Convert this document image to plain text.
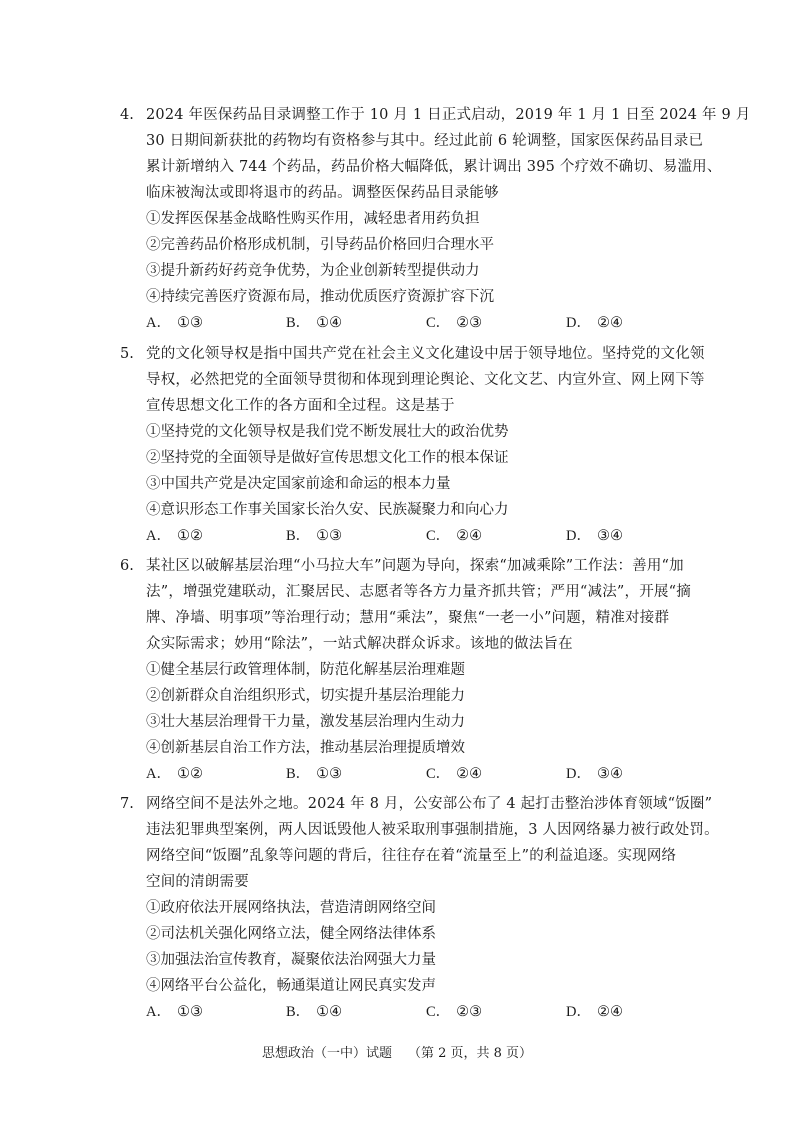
4. 2024 年医保药品目录调整工作于 10 月 1 日正式启动，2019 年 1 月 1 日至 2024 年 9 月
30 日期间新获批的药物均有资格参与其中。经过此前 6 轮调整，国家医保药品目录已
累计新增纳入 744 个药品，药品价格大幅降低，累计调出 395 个疗效不确切、易滥用、
临床被淘汰或即将退市的药品。调整医保药品目录能够
①发挥医保基金战略性购买作用，减轻患者用药负担
②完善药品价格形成机制，引导药品价格回归合理水平
③提升新药好药竞争优势，为企业创新转型提供动力
④持续完善医疗资源布局，推动优质医疗资源扩容下沉
A． ①③	B． ①④	C． ②③	D． ②④
5. 党的文化领导权是指中国共产党在社会主义文化建设中居于领导地位。坚持党的文化领
导权，必然把党的全面领导贯彻和体现到理论舆论、文化文艺、内宣外宣、网上网下等
宣传思想文化工作的各方面和全过程。这是基于
①坚持党的文化领导权是我们党不断发展壮大的政治优势
②坚持党的全面领导是做好宣传思想文化工作的根本保证
③中国共产党是决定国家前途和命运的根本力量
④意识形态工作事关国家长治久安、民族凝聚力和向心力
A． ①②	B． ①③	C． ②④	D． ③④
6. 某社区以破解基层治理“小马拉大车”问题为导向，探索“加减乘除”工作法：善用“加
法”，增强党建联动，汇聚居民、志愿者等各方力量齐抓共管；严用“减法”，开展“摘
牌、净墙、明事项”等治理行动；慧用“乘法”，聚焦“一老一小”问题，精准对接群
众实际需求；妙用“除法”，一站式解决群众诉求。该地的做法旨在
①健全基层行政管理体制，防范化解基层治理难题
②创新群众自治组织形式，切实提升基层治理能力
③壮大基层治理骨干力量，激发基层治理内生动力
④创新基层自治工作方法，推动基层治理提质增效
A． ①②	B． ①③	C． ②④	D． ③④
7. 网络空间不是法外之地。2024 年 8 月，公安部公布了 4 起打击整治涉体育领域“饭圈”
违法犯罪典型案例，两人因诋毁他人被采取刑事强制措施，3 人因网络暴力被行政处罚。
网络空间“饭圈”乱象等问题的背后，往往存在着“流量至上”的利益追逐。实现网络
空间的清朗需要
①政府依法开展网络执法，营造清朗网络空间
②司法机关强化网络立法，健全网络法律体系
③加强法治宣传教育，凝聚依法治网强大力量
④网络平台公益化，畅通渠道让网民真实发声
A． ①③	B． ①④	C． ②③	D． ②④
思想政治（一中）试题 （第 2 页，共 8 页）
